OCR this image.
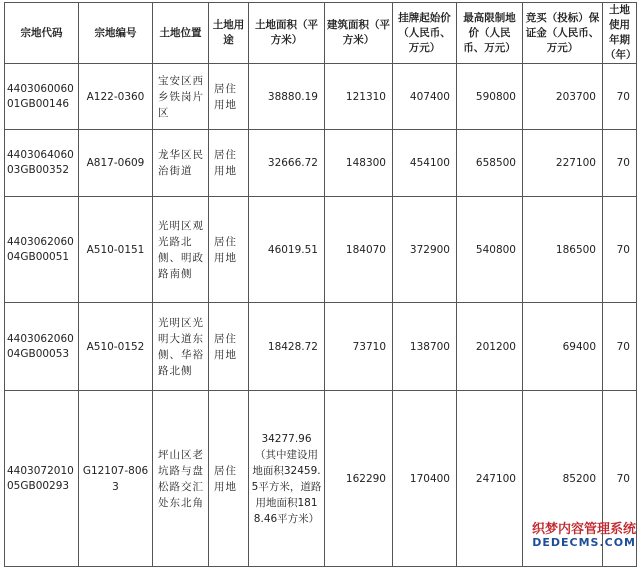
宗地代码	宗地编号	土地位置	土地用途	土地面积（平方米）	建筑面积（平方米）	挂牌起始价（人民币、万元）	最高限制地价（人民币、万元）	竞买（投标）保证金（人民币、万元）	土地使用年期（年）
440306006001GB00146	A122-0360	宝安区西乡铁岗片区	居住用地	38880.19	121310	407400	590800	203700	70
440306406003GB00352	A817-0609	龙华区民治街道	居住用地	32666.72	148300	454100	658500	227100	70
440306206004GB00051	A510-0151	光明区观光路北侧、明政路南侧	居住用地	46019.51	184070	372900	540800	186500	70
440306206004GB00053	A510-0152	光明区光明大道东侧、华裕路北侧	居住用地	18428.72	73710	138700	201200	69400	70
440307201005GB00293	G12107-8063	坪山区老坑路与盘松路交汇处东北角	居住用地	34277.96（其中建设用地面积32459.5平方米，道路用地面积1818.46平方米）	162290	170400	247100	85200	70
织梦内容管理系统
DEDECMS.COM
